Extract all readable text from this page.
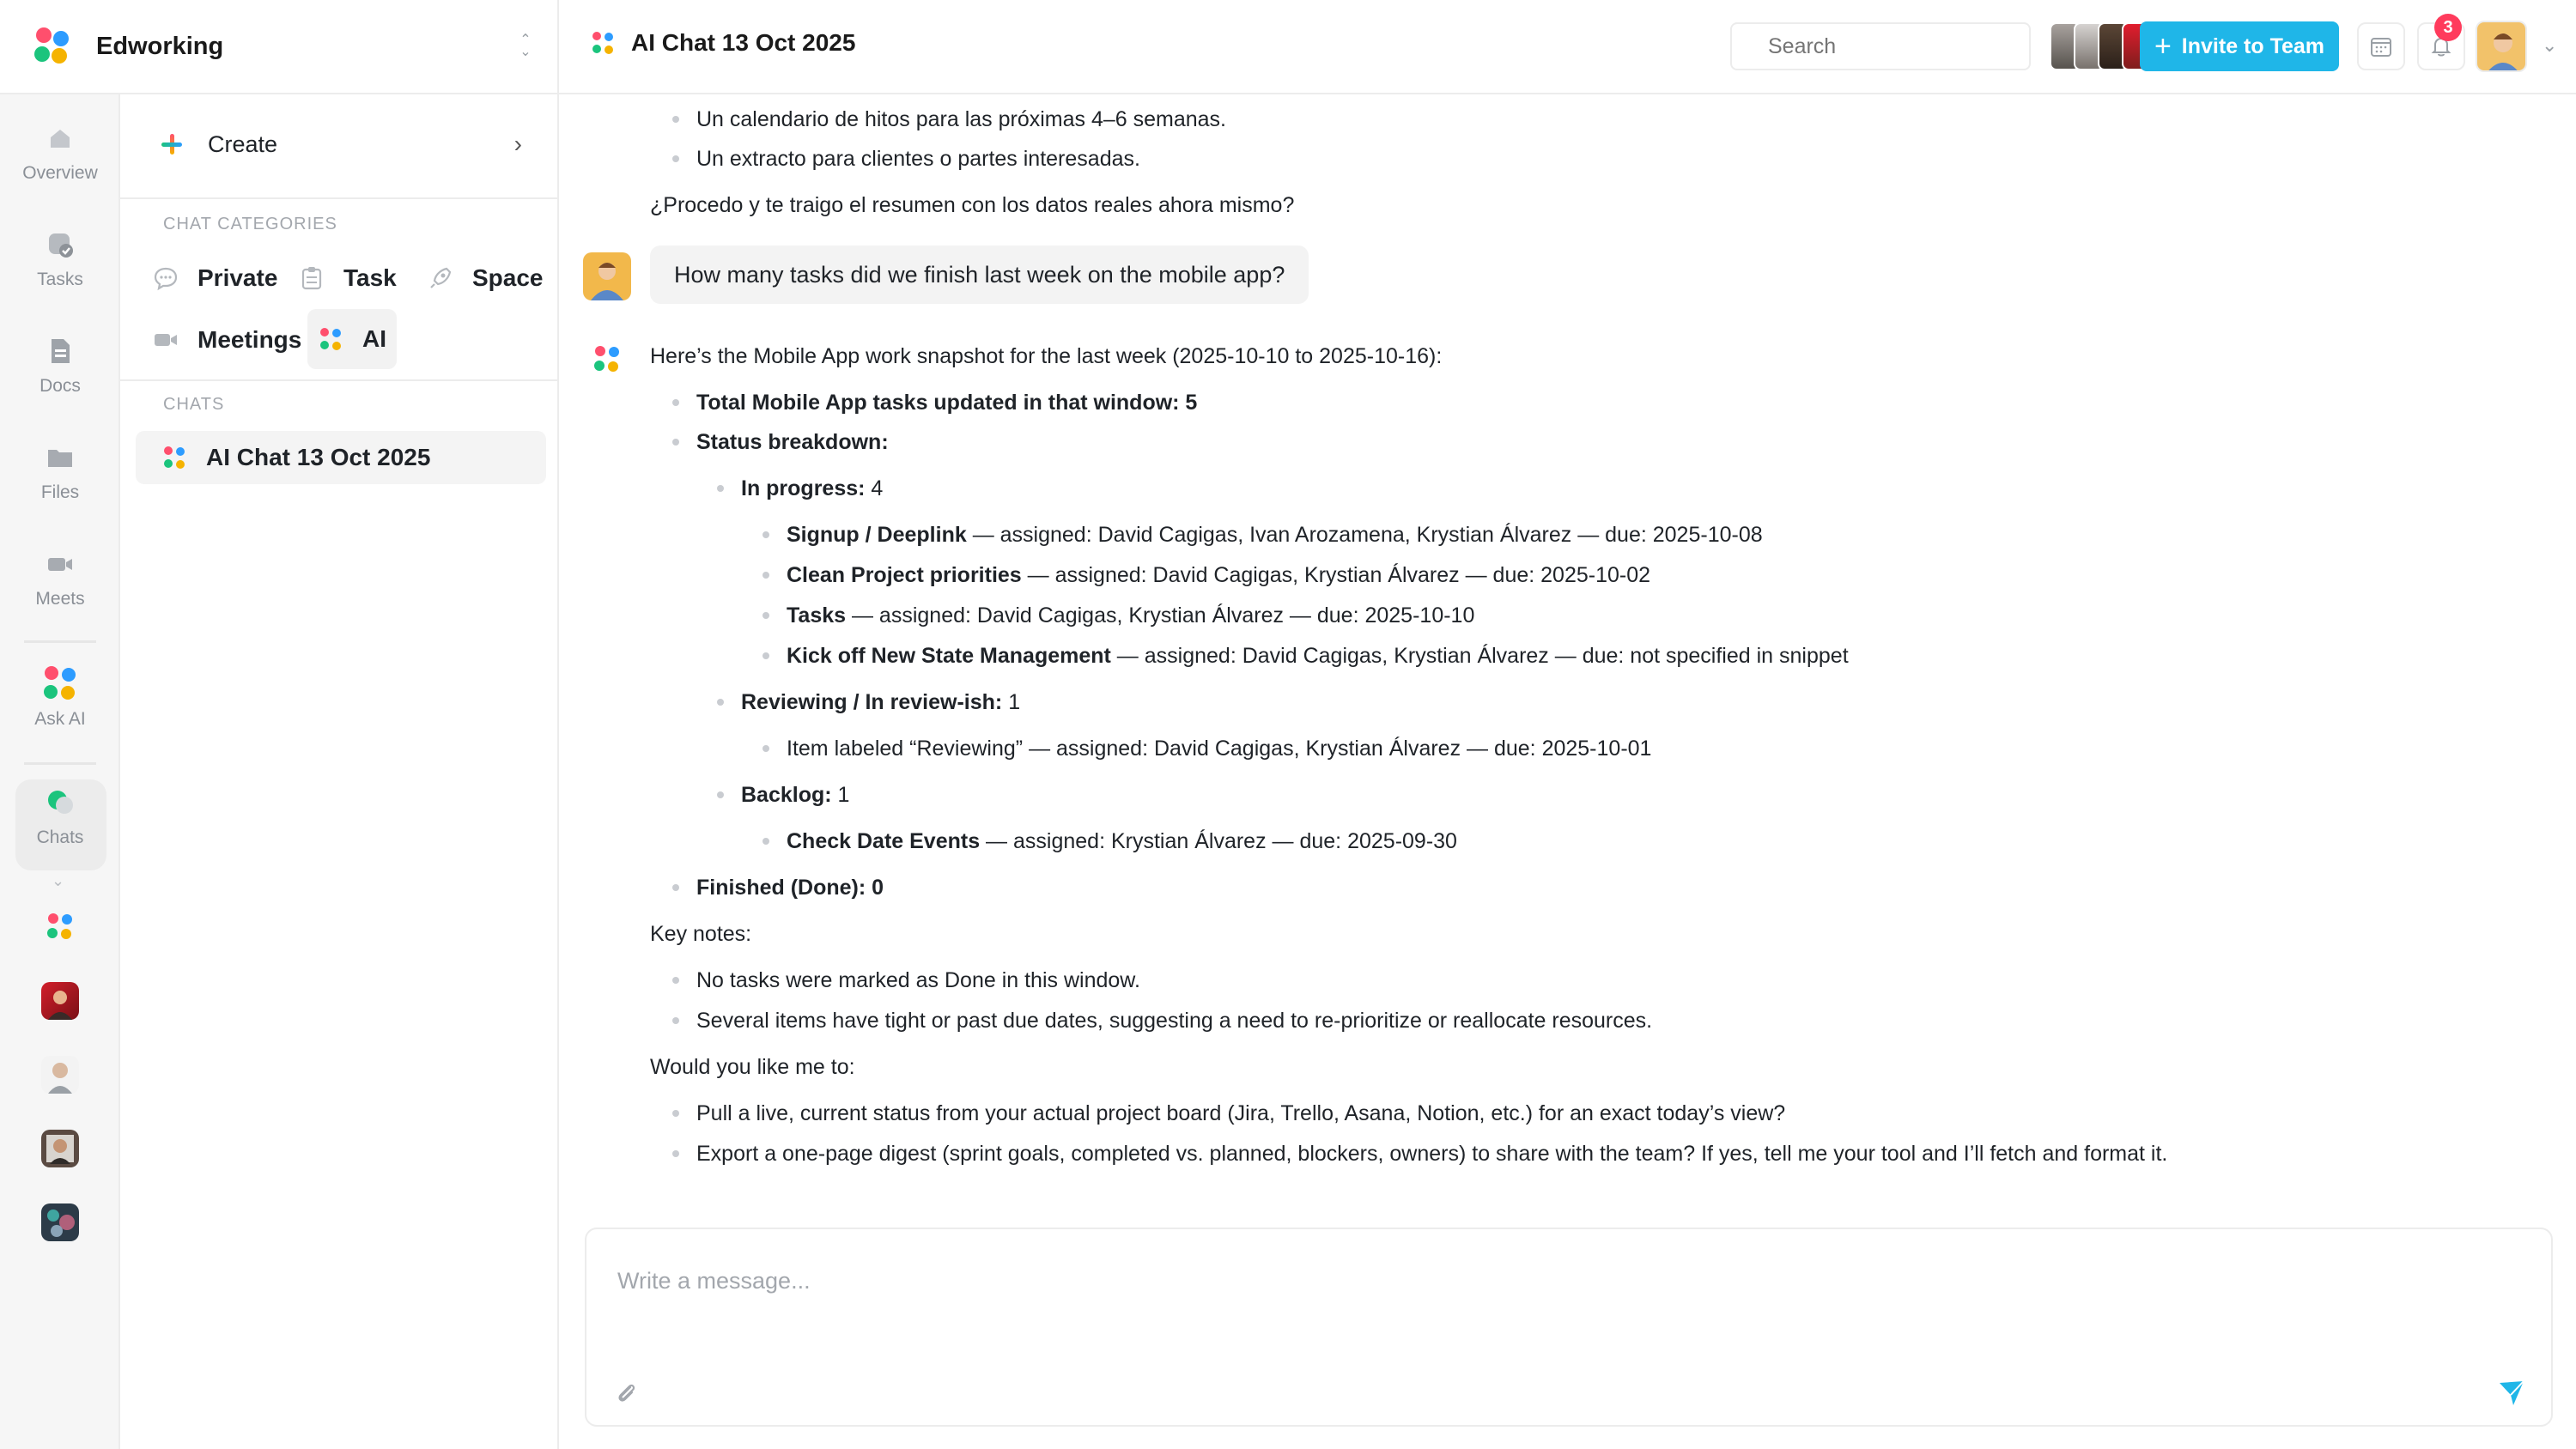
Edworking	⌃
⌄
Overview
Tasks
Docs
Files
Meets
Ask AI
Chats
⌄
Create	›
CHAT CATEGORIES
Private	Task	Space
Meetings	AI
CHATS
AI Chat 13 Oct 2025
AI Chat 13 Oct 2025
Search	+ Invite to Team
3
⌄
Un calendario de hitos para las próximas 4–6 semanas.
Un extracto para clientes o partes interesadas.
¿Procedo y te traigo el resumen con los datos reales ahora mismo?
How many tasks did we finish last week on the mobile app?
Here’s the Mobile App work snapshot for the last week (2025-10-10 to 2025-10-16):
Total Mobile App tasks updated in that window: 5
Status breakdown:
In progress: 4
Signup / Deeplink — assigned: David Cagigas, Ivan Arozamena, Krystian Álvarez — due: 2025-10-08
Clean Project priorities — assigned: David Cagigas, Krystian Álvarez — due: 2025-10-02
Tasks — assigned: David Cagigas, Krystian Álvarez — due: 2025-10-10
Kick off New State Management — assigned: David Cagigas, Krystian Álvarez — due: not specified in snippet
Reviewing / In review-ish: 1
Item labeled “Reviewing” — assigned: David Cagigas, Krystian Álvarez — due: 2025-10-01
Backlog: 1
Check Date Events — assigned: Krystian Álvarez — due: 2025-09-30
Finished (Done): 0
Key notes:
No tasks were marked as Done in this window.
Several items have tight or past due dates, suggesting a need to re-prioritize or reallocate resources.
Would you like me to:
Pull a live, current status from your actual project board (Jira, Trello, Asana, Notion, etc.) for an exact today’s view?
Export a one-page digest (sprint goals, completed vs. planned, blockers, owners) to share with the team? If yes, tell me your tool and I’ll fetch and format it.
Write a message...
